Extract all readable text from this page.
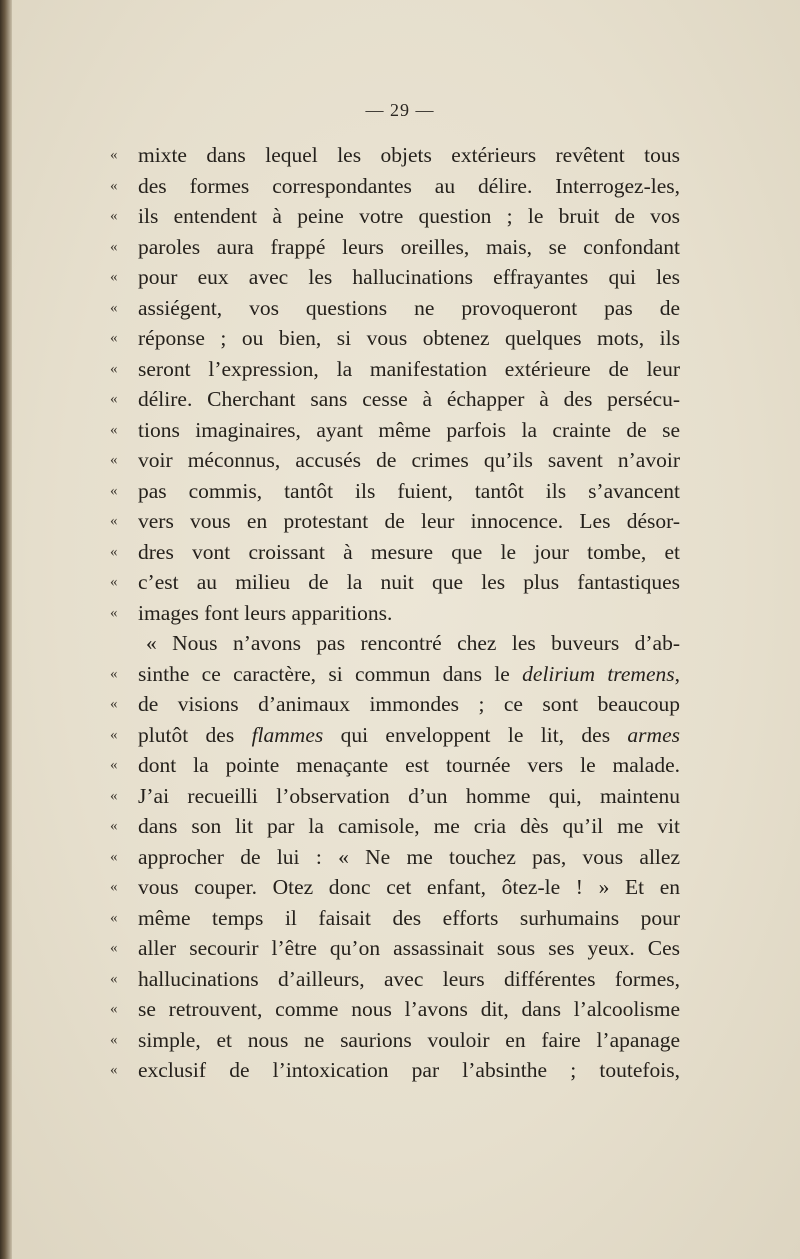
— 29 —
« mixte dans lequel les objets extérieurs revêtent tous
« des formes correspondantes au délire. Interrogez-les,
« ils entendent à peine votre question ; le bruit de vos
« paroles aura frappé leurs oreilles, mais, se confondant
« pour eux avec les hallucinations effrayantes qui les
« assiégent, vos questions ne provoqueront pas de
« réponse ; ou bien, si vous obtenez quelques mots, ils
« seront l’expression, la manifestation extérieure de leur
« délire. Cherchant sans cesse à échapper à des persécu-
« tions imaginaires, ayant même parfois la crainte de se
« voir méconnus, accusés de crimes qu’ils savent n’avoir
« pas commis, tantôt ils fuient, tantôt ils s’avancent
« vers vous en protestant de leur innocence. Les désor-
« dres vont croissant à mesure que le jour tombe, et
« c’est au milieu de la nuit que les plus fantastiques
« images font leurs apparitions.
« Nous n’avons pas rencontré chez les buveurs d’ab-
« sinthe ce caractère, si commun dans le delirium tremens,
« de visions d’animaux immondes ; ce sont beaucoup
« plutôt des flammes qui enveloppent le lit, des armes
« dont la pointe menaçante est tournée vers le malade.
« J’ai recueilli l’observation d’un homme qui, maintenu
« dans son lit par la camisole, me cria dès qu’il me vit
« approcher de lui : « Ne me touchez pas, vous allez
« vous couper. Otez donc cet enfant, ôtez-le ! » Et en
« même temps il faisait des efforts surhumains pour
« aller secourir l’être qu’on assassinait sous ses yeux. Ces
« hallucinations d’ailleurs, avec leurs différentes formes,
« se retrouvent, comme nous l’avons dit, dans l’alcoolisme
« simple, et nous ne saurions vouloir en faire l’apanage
« exclusif de l’intoxication par l’absinthe ; toutefois,
